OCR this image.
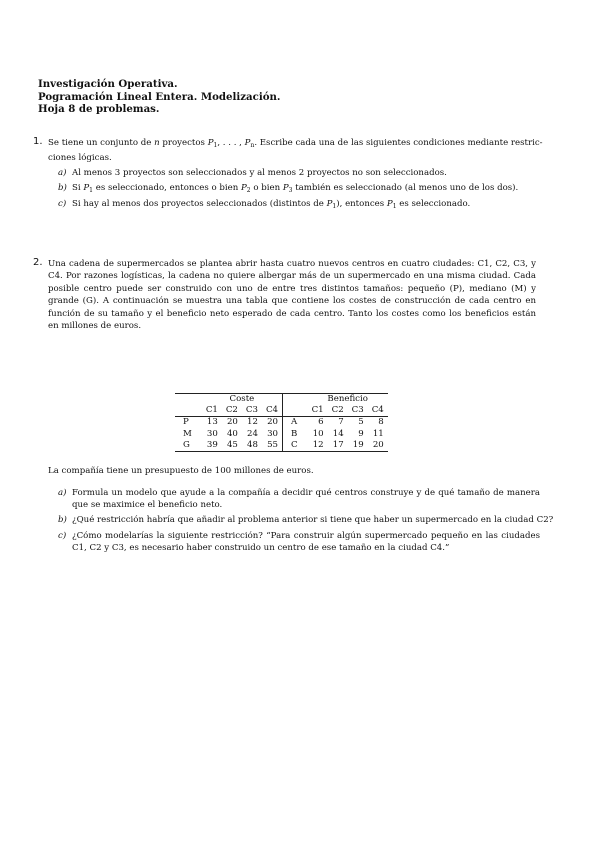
Investigación Operativa.
Pogramación Lineal Entera. Modelización.
Hoja 8 de problemas.
1. Se tiene un conjunto de n proyectos $P_1$, . . . , $P_n$. Escribe cada una de las siguientes condiciones mediante restric-
ciones lógicas.
a) Al menos 3 proyectos son seleccionados y al menos 2 proyectos no son seleccionados.
b) Si $P_1$ es seleccionado, entonces o bien $P_2$ o bien $P_3$ también es seleccionado (al menos uno de los dos).
c) Si hay al menos dos proyectos seleccionados (distintos de $P_1$), entonces $P_1$ es seleccionado.
2. Una cadena de supermercados se plantea abrir hasta cuatro nuevos centros en cuatro ciudades: C1, C2, C3, y C4. Por razones logísticas, la cadena no quiere albergar más de un supermercado en una misma ciudad. Cada posible centro puede ser construido con uno de entre tres distintos tamaños: pequeño (P), mediano (M) y grande (G). A continuación se muestra una tabla que contiene los costes de construcción de cada centro en función de su tamaño y el beneficio neto esperado de cada centro. Tanto los costes como los beneficios están en millones de euros.
	Coste					Beneficio			
	C1	C2	C3	C4		C1	C2	C3	C4
P	13	20	12	20	A	6	7	5	8
M	30	40	24	30	B	10	14	9	11
G	39	45	48	55	C	12	17	19	20
La compañía tiene un presupuesto de 100 millones de euros.
a) Formula un modelo que ayude a la compañía a decidir qué centros construye y de qué tamaño de manera que se maximice el beneficio neto.
b) ¿Qué restricción habría que añadir al problema anterior si tiene que haber un supermercado en la ciudad C2?
c) ¿Cómo modelarías la siguiente restricción? “Para construir algún supermercado pequeño en las ciudades C1, C2 y C3, es necesario haber construido un centro de ese tamaño en la ciudad C4.”
